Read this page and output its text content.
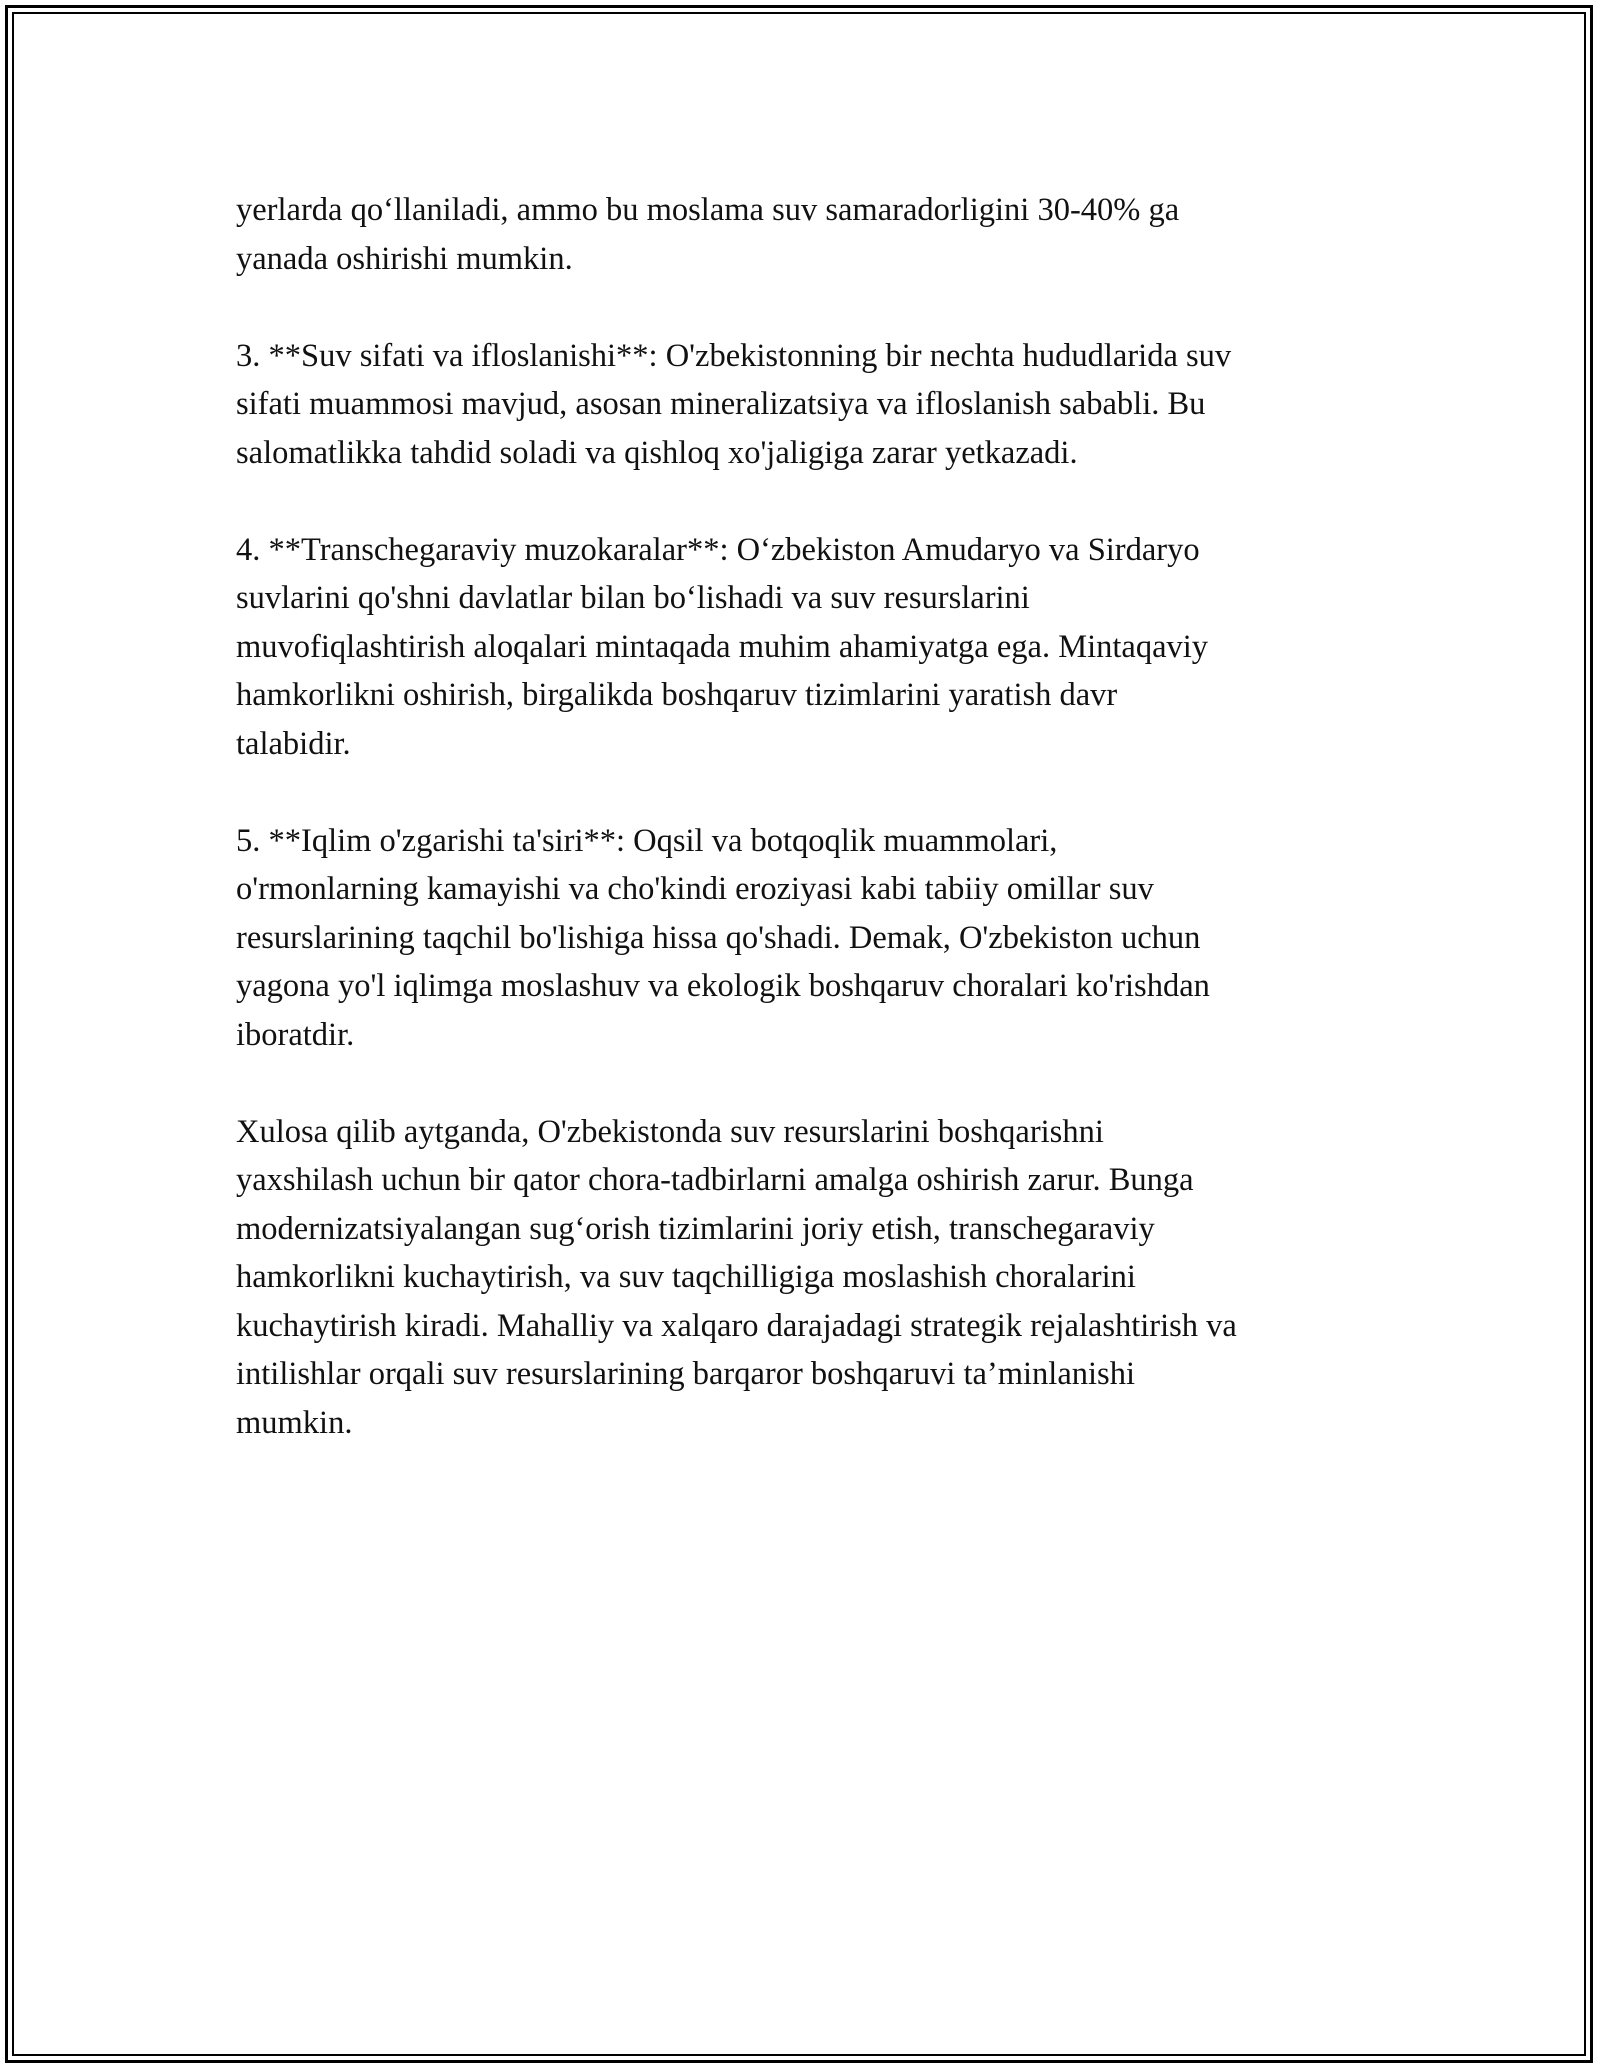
yerlarda qo‘llaniladi, ammo bu moslama suv samaradorligini 30-40% ga
yanada oshirishi mumkin.

3. **Suv sifati va ifloslanishi**: O'zbekistonning bir nechta hududlarida suv
sifati muammosi mavjud, asosan mineralizatsiya va ifloslanish sababli. Bu
salomatlikka tahdid soladi va qishloq xo'jaligiga zarar yetkazadi.

4. **Transchegaraviy muzokaralar**: O‘zbekiston Amudaryo va Sirdaryo
suvlarini qo'shni davlatlar bilan bo‘lishadi va suv resurslarini
muvofiqlashtirish aloqalari mintaqada muhim ahamiyatga ega. Mintaqaviy
hamkorlikni oshirish, birgalikda boshqaruv tizimlarini yaratish davr
talabidir.

5. **Iqlim o'zgarishi ta'siri**: Oqsil va botqoqlik muammolari,
o'rmonlarning kamayishi va cho'kindi eroziyasi kabi tabiiy omillar suv
resurslarining taqchil bo'lishiga hissa qo'shadi. Demak, O'zbekiston uchun
yagona yo'l iqlimga moslashuv va ekologik boshqaruv choralari ko'rishdan
iboratdir.

Xulosa qilib aytganda, O'zbekistonda suv resurslarini boshqarishni
yaxshilash uchun bir qator chora-tadbirlarni amalga oshirish zarur. Bunga
modernizatsiyalangan sug‘orish tizimlarini joriy etish, transchegaraviy
hamkorlikni kuchaytirish, va suv taqchilligiga moslashish choralarini
kuchaytirish kiradi. Mahalliy va xalqaro darajadagi strategik rejalashtirish va
intilishlar orqali suv resurslarining barqaror boshqaruvi ta’minlanishi
mumkin.
